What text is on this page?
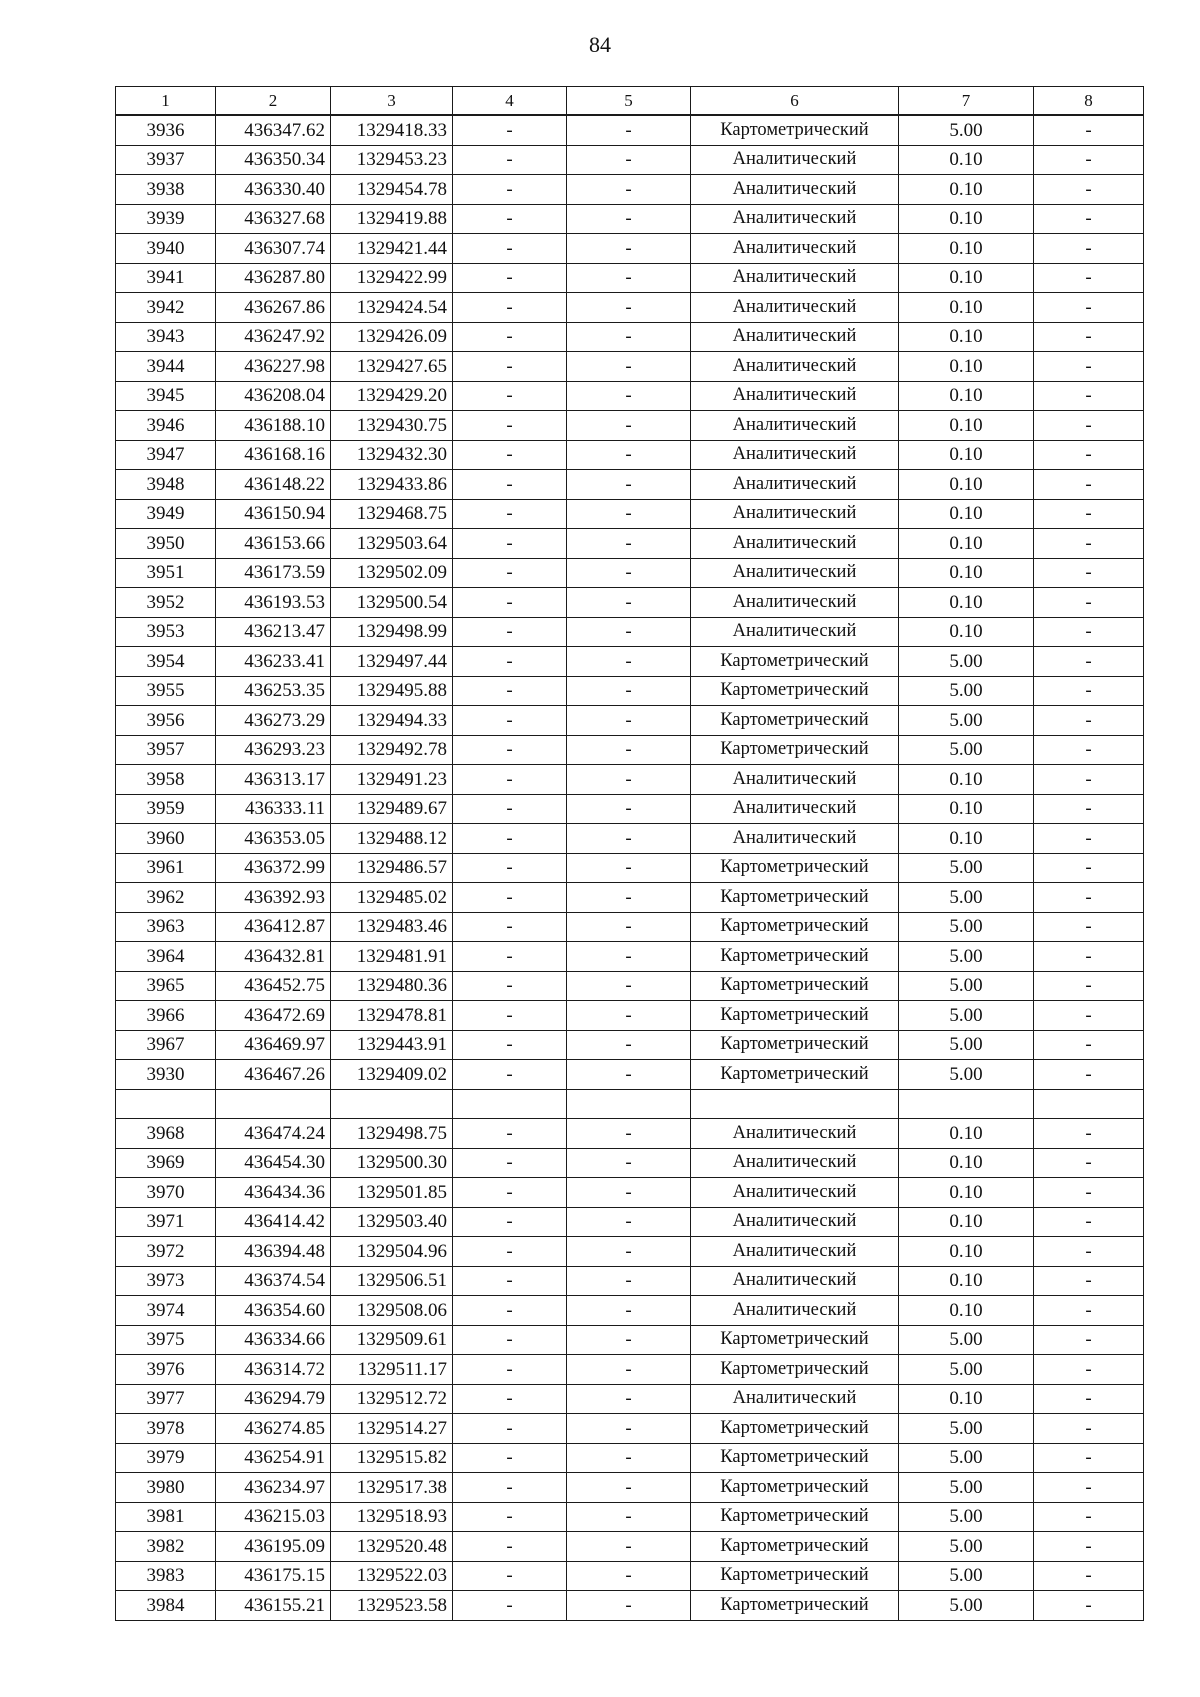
84
1	2	3	4	5	6	7	8
3936	436347.62	1329418.33	-	-	Картометрический	5.00	-
3937	436350.34	1329453.23	-	-	Аналитический	0.10	-
3938	436330.40	1329454.78	-	-	Аналитический	0.10	-
3939	436327.68	1329419.88	-	-	Аналитический	0.10	-
3940	436307.74	1329421.44	-	-	Аналитический	0.10	-
3941	436287.80	1329422.99	-	-	Аналитический	0.10	-
3942	436267.86	1329424.54	-	-	Аналитический	0.10	-
3943	436247.92	1329426.09	-	-	Аналитический	0.10	-
3944	436227.98	1329427.65	-	-	Аналитический	0.10	-
3945	436208.04	1329429.20	-	-	Аналитический	0.10	-
3946	436188.10	1329430.75	-	-	Аналитический	0.10	-
3947	436168.16	1329432.30	-	-	Аналитический	0.10	-
3948	436148.22	1329433.86	-	-	Аналитический	0.10	-
3949	436150.94	1329468.75	-	-	Аналитический	0.10	-
3950	436153.66	1329503.64	-	-	Аналитический	0.10	-
3951	436173.59	1329502.09	-	-	Аналитический	0.10	-
3952	436193.53	1329500.54	-	-	Аналитический	0.10	-
3953	436213.47	1329498.99	-	-	Аналитический	0.10	-
3954	436233.41	1329497.44	-	-	Картометрический	5.00	-
3955	436253.35	1329495.88	-	-	Картометрический	5.00	-
3956	436273.29	1329494.33	-	-	Картометрический	5.00	-
3957	436293.23	1329492.78	-	-	Картометрический	5.00	-
3958	436313.17	1329491.23	-	-	Аналитический	0.10	-
3959	436333.11	1329489.67	-	-	Аналитический	0.10	-
3960	436353.05	1329488.12	-	-	Аналитический	0.10	-
3961	436372.99	1329486.57	-	-	Картометрический	5.00	-
3962	436392.93	1329485.02	-	-	Картометрический	5.00	-
3963	436412.87	1329483.46	-	-	Картометрический	5.00	-
3964	436432.81	1329481.91	-	-	Картометрический	5.00	-
3965	436452.75	1329480.36	-	-	Картометрический	5.00	-
3966	436472.69	1329478.81	-	-	Картометрический	5.00	-
3967	436469.97	1329443.91	-	-	Картометрический	5.00	-
3930	436467.26	1329409.02	-	-	Картометрический	5.00	-

3968	436474.24	1329498.75	-	-	Аналитический	0.10	-
3969	436454.30	1329500.30	-	-	Аналитический	0.10	-
3970	436434.36	1329501.85	-	-	Аналитический	0.10	-
3971	436414.42	1329503.40	-	-	Аналитический	0.10	-
3972	436394.48	1329504.96	-	-	Аналитический	0.10	-
3973	436374.54	1329506.51	-	-	Аналитический	0.10	-
3974	436354.60	1329508.06	-	-	Аналитический	0.10	-
3975	436334.66	1329509.61	-	-	Картометрический	5.00	-
3976	436314.72	1329511.17	-	-	Картометрический	5.00	-
3977	436294.79	1329512.72	-	-	Аналитический	0.10	-
3978	436274.85	1329514.27	-	-	Картометрический	5.00	-
3979	436254.91	1329515.82	-	-	Картометрический	5.00	-
3980	436234.97	1329517.38	-	-	Картометрический	5.00	-
3981	436215.03	1329518.93	-	-	Картометрический	5.00	-
3982	436195.09	1329520.48	-	-	Картометрический	5.00	-
3983	436175.15	1329522.03	-	-	Картометрический	5.00	-
3984	436155.21	1329523.58	-	-	Картометрический	5.00	-
